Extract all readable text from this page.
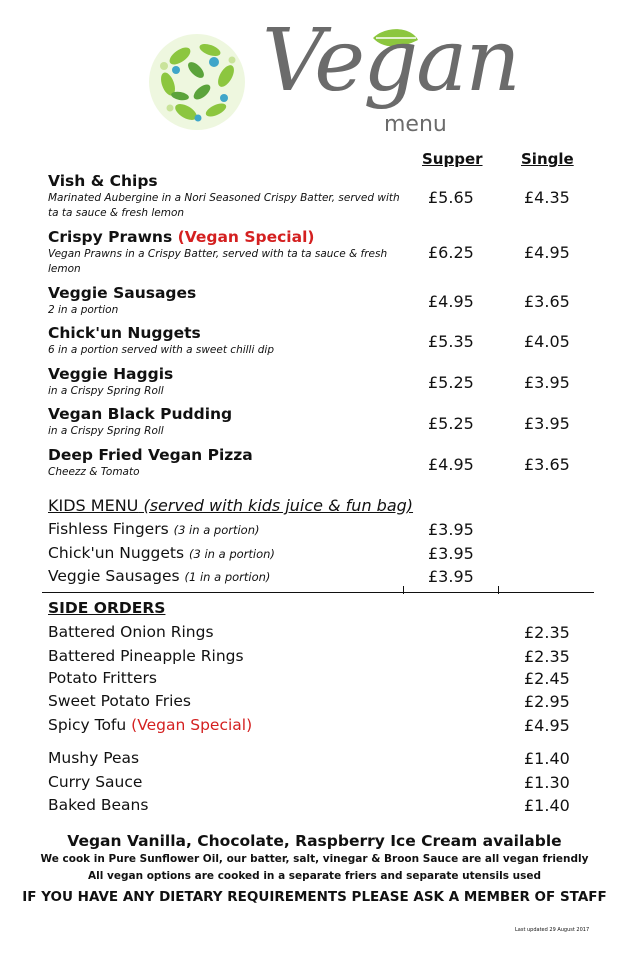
Vegan
menu
Supper	Single
Vish & Chips
Marinated Aubergine in a Nori Seasoned Crispy Batter, served with ta ta sauce & fresh lemon
£5.65	£4.35
Crispy Prawns (Vegan Special)
Vegan Prawns in a Crispy Batter, served with ta ta sauce & fresh lemon
£6.25	£4.95
Veggie Sausages
2 in a portion	£4.95	£3.65
Chick'un Nuggets
6 in a portion served with a sweet chilli dip	£5.35	£4.05
Veggie Haggis
in a Crispy Spring Roll	£5.25	£3.95
Vegan Black Pudding
in a Crispy Spring Roll	£5.25	£3.95
Deep Fried Vegan Pizza
Cheezz & Tomato	£4.95	£3.65
KIDS MENU (served with kids juice & fun bag)
Fishless Fingers (3 in a portion)	£3.95
Chick'un Nuggets (3 in a portion)	£3.95
Veggie Sausages (1 in a portion)	£3.95
SIDE ORDERS
Battered Onion Rings	£2.35
Battered Pineapple Rings	£2.35
Potato Fritters	£2.45
Sweet Potato Fries	£2.95
Spicy Tofu (Vegan Special)	£4.95
Mushy Peas	£1.40
Curry Sauce	£1.30
Baked Beans	£1.40
Vegan Vanilla, Chocolate, Raspberry Ice Cream available
We cook in Pure Sunflower Oil, our batter, salt, vinegar & Broon Sauce are all vegan friendly
All vegan options are cooked in a separate friers and separate utensils used
IF YOU HAVE ANY DIETARY REQUIREMENTS PLEASE ASK A MEMBER OF STAFF
Last updated 29 August 2017
